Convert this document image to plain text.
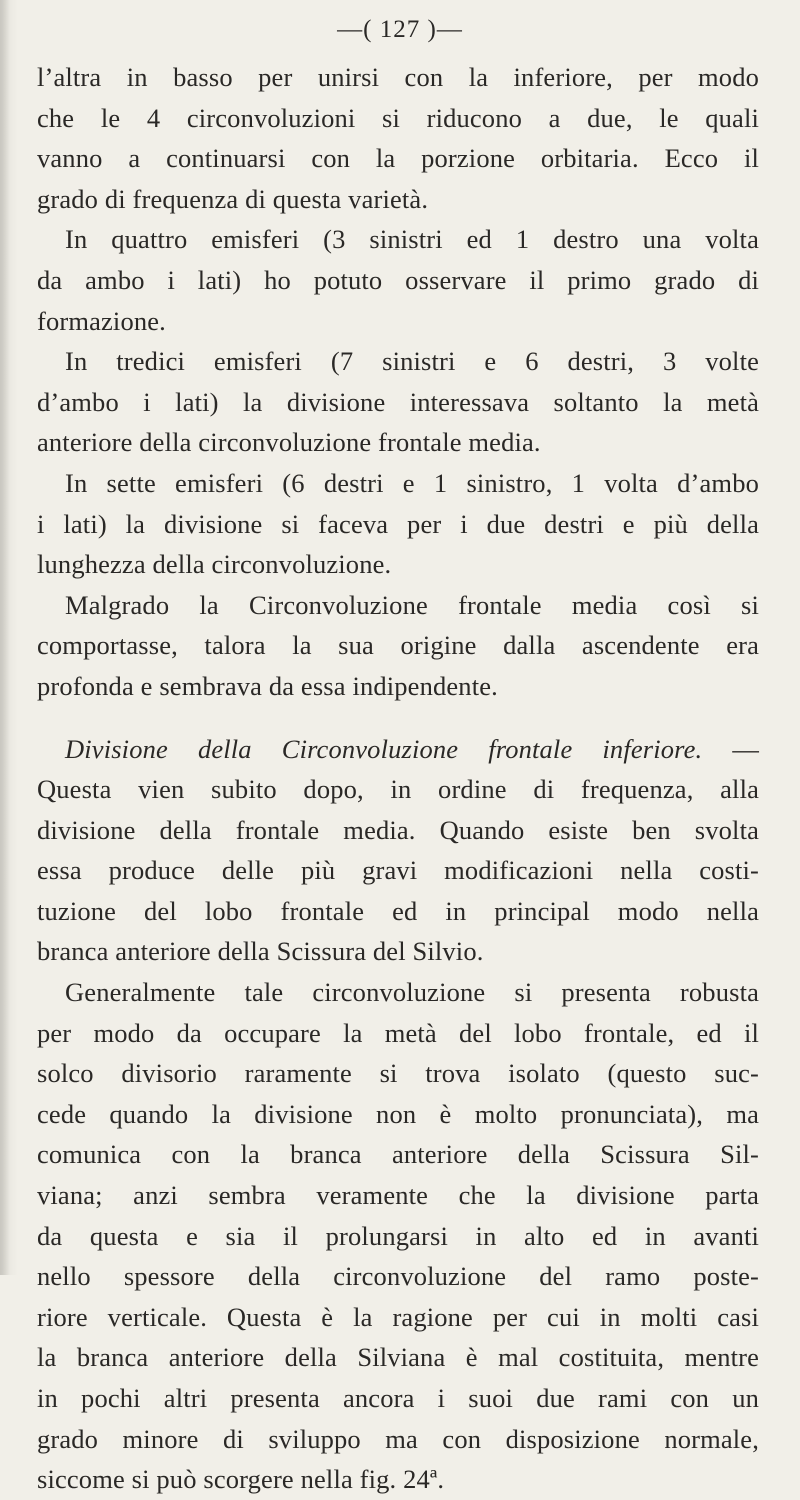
—( 127 )—
l’altra in basso per unirsi con la inferiore, per modo
che le 4 circonvoluzioni si riducono a due, le quali
vanno a continuarsi con la porzione orbitaria. Ecco il
grado di frequenza di questa varietà.
In quattro emisferi (3 sinistri ed 1 destro una volta
da ambo i lati) ho potuto osservare il primo grado di
formazione.
In tredici emisferi (7 sinistri e 6 destri, 3 volte
d’ambo i lati) la divisione interessava soltanto la metà
anteriore della circonvoluzione frontale media.
In sette emisferi (6 destri e 1 sinistro, 1 volta d’ambo
i lati) la divisione si faceva per i due destri e più della
lunghezza della circonvoluzione.
Malgrado la Circonvoluzione frontale media così si
comportasse, talora la sua origine dalla ascendente era
profonda e sembrava da essa indipendente.
Divisione della Circonvoluzione frontale inferiore. —
Questa vien subito dopo, in ordine di frequenza, alla
divisione della frontale media. Quando esiste ben svolta
essa produce delle più gravi modificazioni nella costi-
tuzione del lobo frontale ed in principal modo nella
branca anteriore della Scissura del Silvio.
Generalmente tale circonvoluzione si presenta robusta
per modo da occupare la metà del lobo frontale, ed il
solco divisorio raramente si trova isolato (questo suc-
cede quando la divisione non è molto pronunciata), ma
comunica con la branca anteriore della Scissura Sil-
viana; anzi sembra veramente che la divisione parta
da questa e sia il prolungarsi in alto ed in avanti
nello spessore della circonvoluzione del ramo poste-
riore verticale. Questa è la ragione per cui in molti casi
la branca anteriore della Silviana è mal costituita, mentre
in pochi altri presenta ancora i suoi due rami con un
grado minore di sviluppo ma con disposizione normale,
siccome si può scorgere nella fig. 24ª.
